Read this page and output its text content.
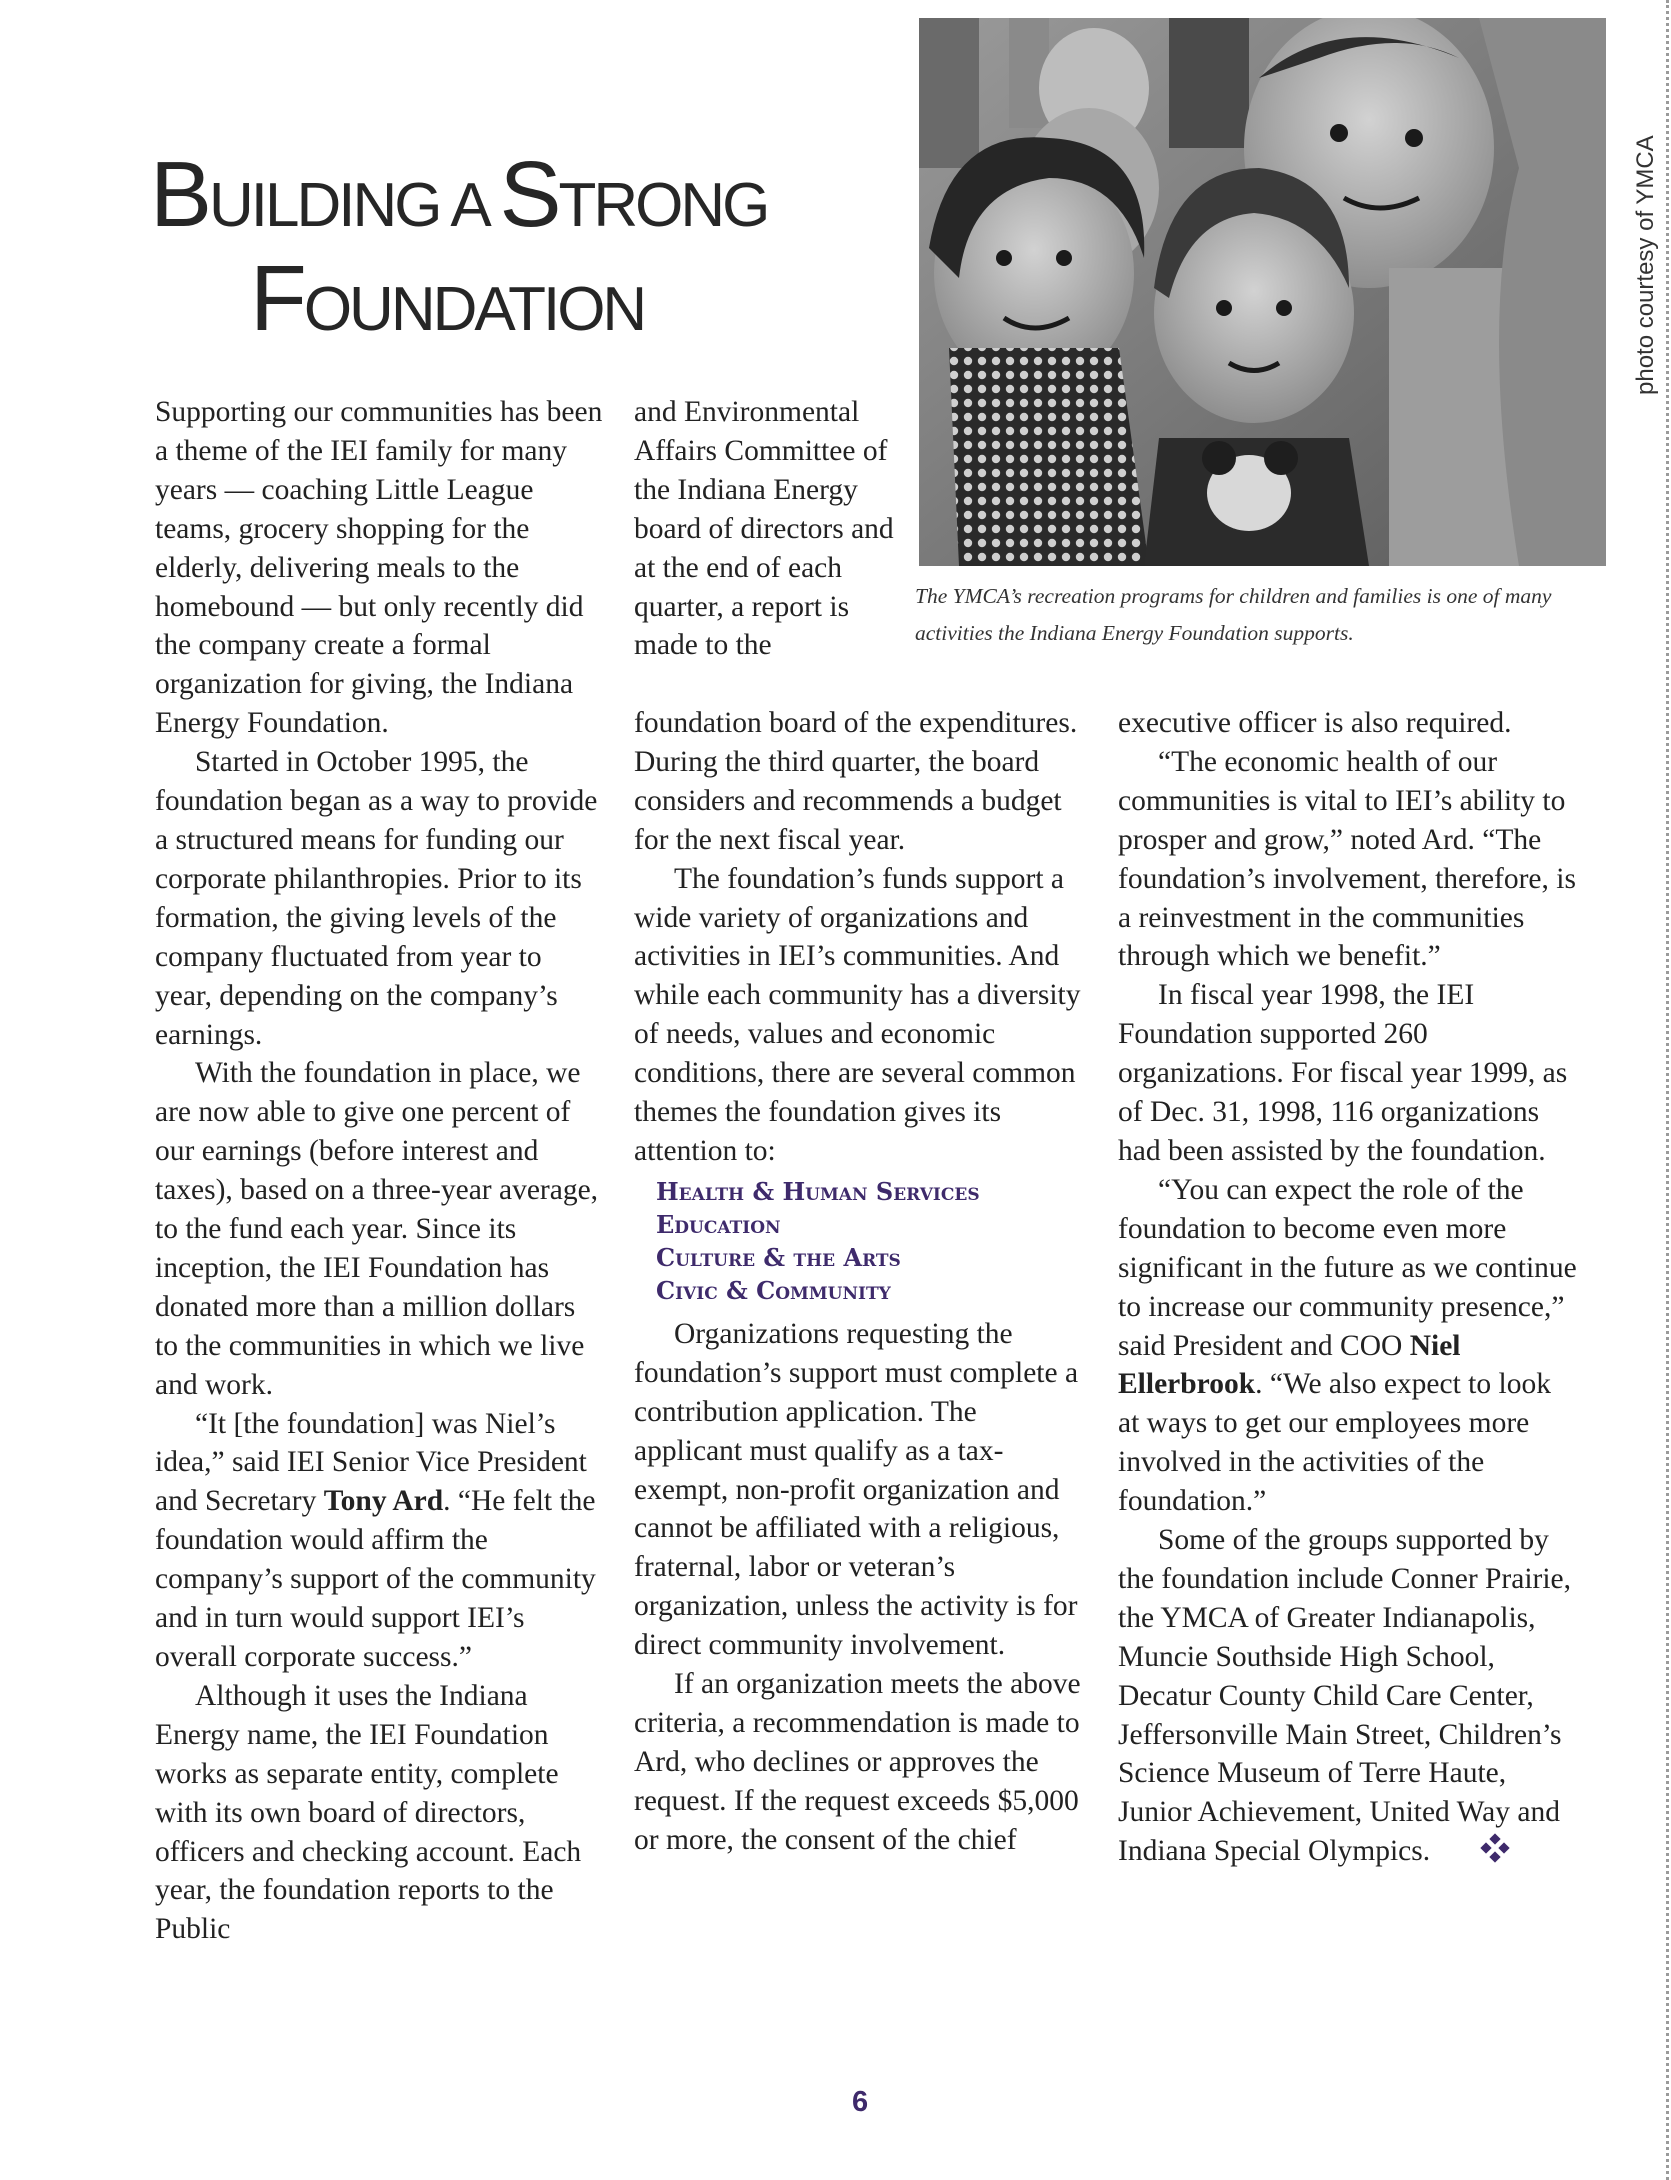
BUILDING A STRONG
FOUNDATION	photo courtesy of YMCA

The YMCA’s recreation programs for children and families is one of many activities the Indiana Energy Foundation supports.

Supporting our communities has been a theme of the IEI family for many years — coaching Little League teams, grocery shopping for the elderly, delivering meals to the homebound — but only recently did the company create a formal organization for giving, the Indiana Energy Foundation.

Started in October 1995, the foundation began as a way to provide a structured means for funding our corporate philanthropies. Prior to its formation, the giving levels of the company fluctuated from year to year, depending on the company’s earnings.

With the foundation in place, we are now able to give one percent of our earnings (before interest and taxes), based on a three-year average, to the fund each year. Since its inception, the IEI Foundation has donated more than a million dollars to the communities in which we live and work.

“It [the foundation] was Niel’s idea,” said IEI Senior Vice President and Secretary Tony Ard. “He felt the foundation would affirm the company’s support of the community and in turn would support IEI’s overall corporate success.”

Although it uses the Indiana Energy name, the IEI Foundation works as separate entity, complete with its own board of directors, officers and checking account. Each year, the foundation reports to the Public

and Environmental Affairs Committee of the Indiana Energy board of directors and at the end of each quarter, a report is made to the

foundation board of the expenditures. During the third quarter, the board considers and recommends a budget for the next fiscal year.

The foundation’s funds support a wide variety of organizations and activities in IEI’s communities. And while each community has a diversity of needs, values and economic conditions, there are several common themes the foundation gives its attention to:

Health & Human Services
Education
Culture & the Arts
Civic & Community

Organizations requesting the foundation’s support must complete a contribution application. The applicant must qualify as a tax-exempt, non-profit organization and cannot be affiliated with a religious, fraternal, labor or veteran’s organization, unless the activity is for direct community involvement.

If an organization meets the above criteria, a recommendation is made to Ard, who declines or approves the request. If the request exceeds $5,000 or more, the consent of the chief

executive officer is also required.

“The economic health of our communities is vital to IEI’s ability to prosper and grow,” noted Ard. “The foundation’s involvement, therefore, is a reinvestment in the communities through which we benefit.”

In fiscal year 1998, the IEI Foundation supported 260 organizations. For fiscal year 1999, as of Dec. 31, 1998, 116 organizations had been assisted by the foundation.

“You can expect the role of the foundation to become even more significant in the future as we continue to increase our community presence,” said President and COO Niel Ellerbrook. “We also expect to look at ways to get our employees more involved in the activities of the foundation.”

Some of the groups supported by the foundation include Conner Prairie, the YMCA of Greater Indianapolis, Muncie Southside High School, Decatur County Child Care Center, Jeffersonville Main Street, Children’s Science Museum of Terre Haute, Junior Achievement, United Way and Indiana Special Olympics.

6
